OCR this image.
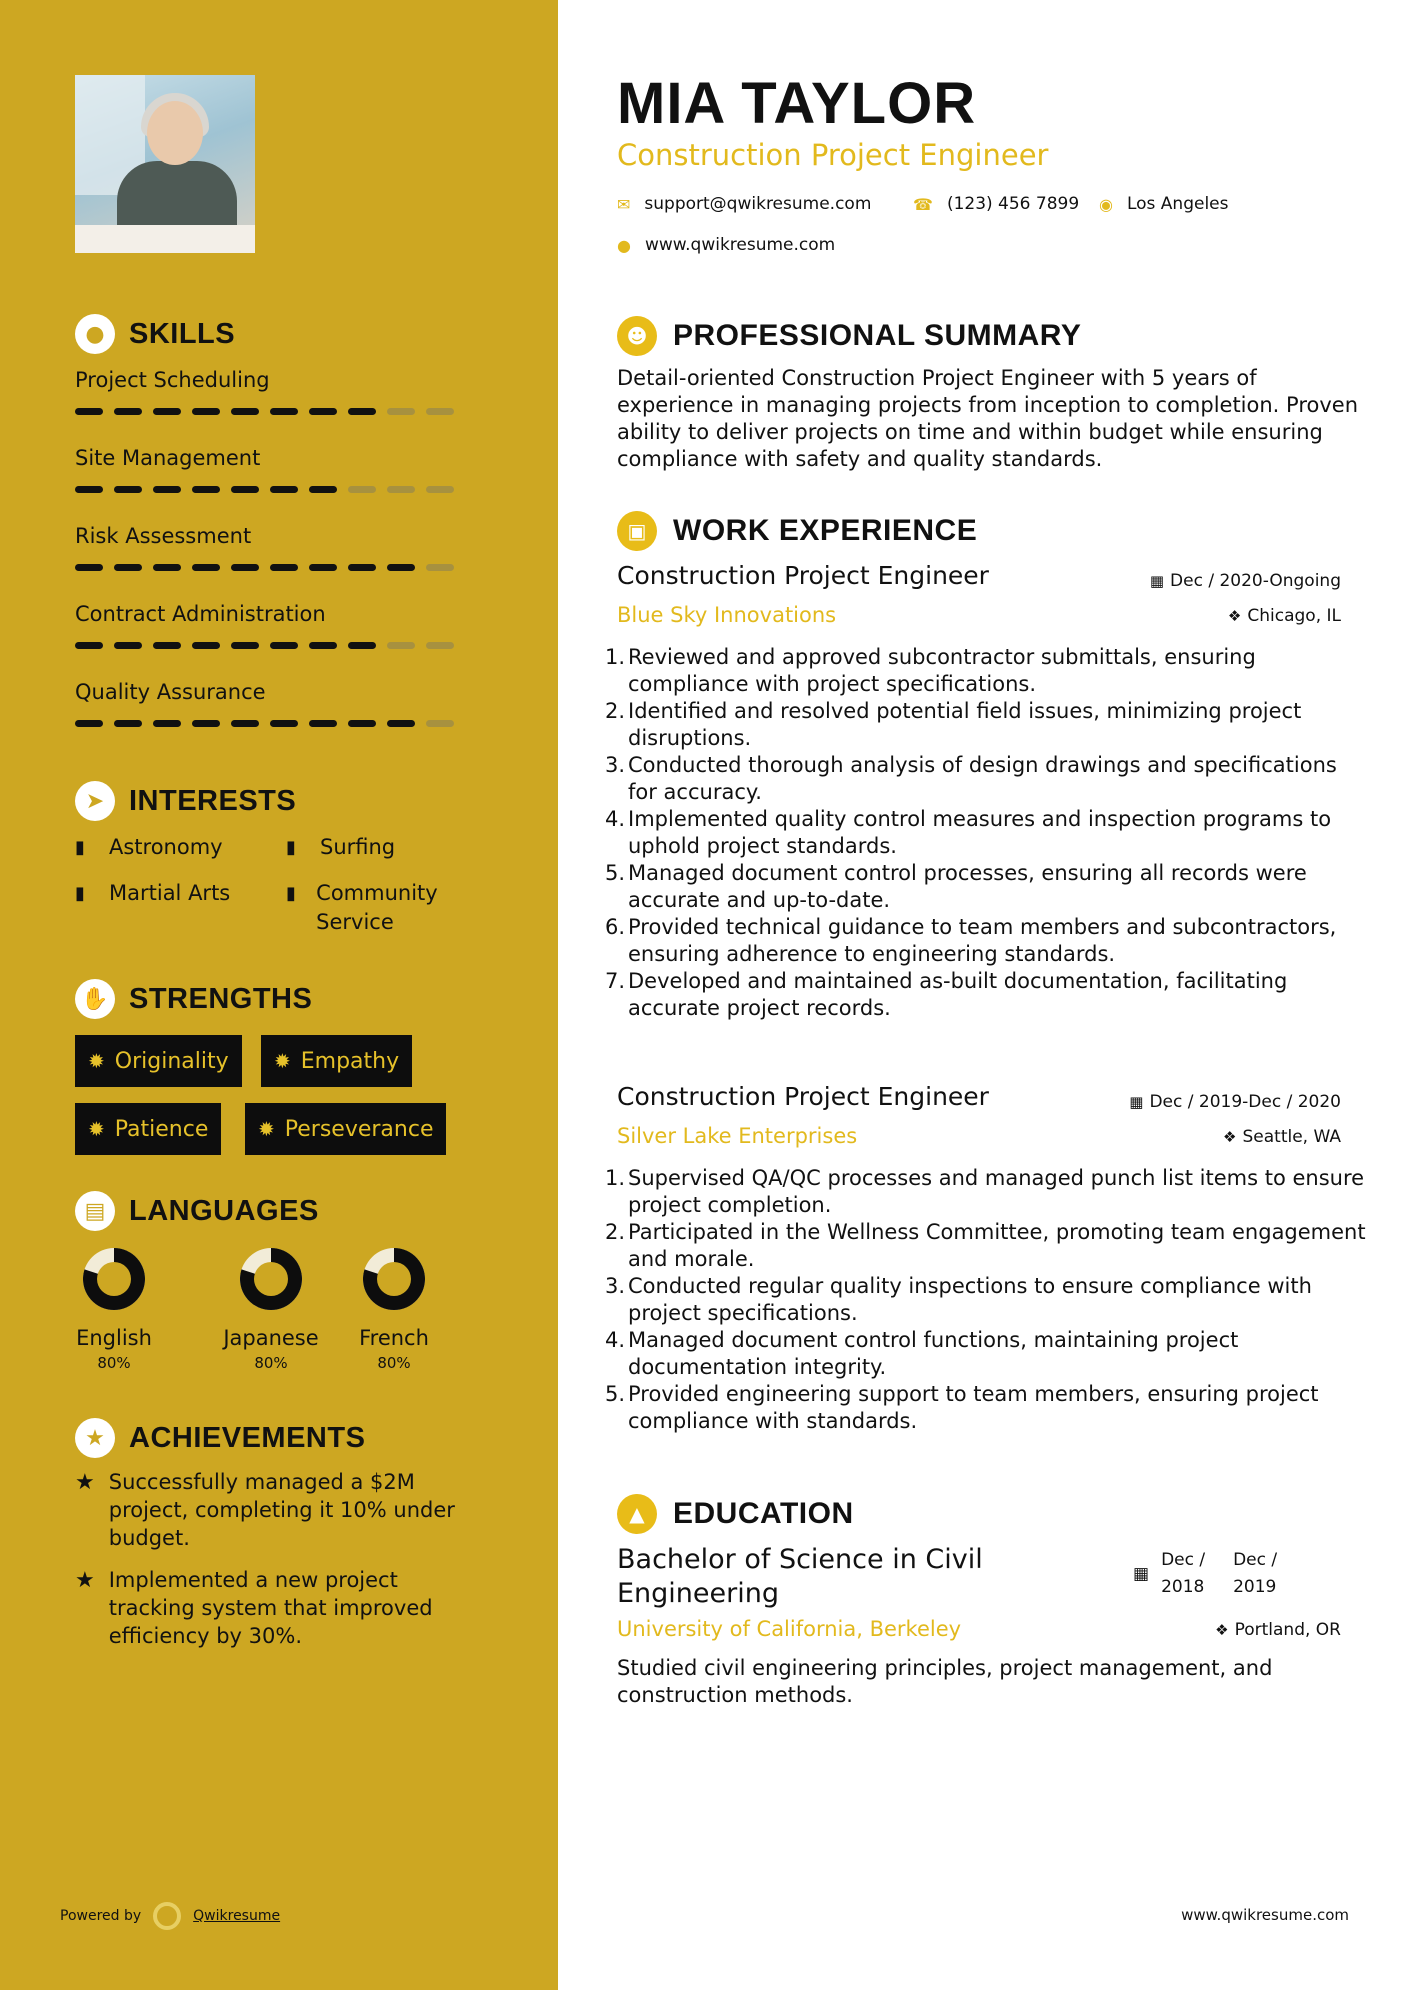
● SKILLS
Project Scheduling
Site Management
Risk Assessment
Contract Administration
Quality Assurance
➤ INTERESTS
▮	Astronomy	▮	Surfing
▮	Martial Arts	▮ Community Service
✋ STRENGTHS
✹ Originality ✹ Empathy
✹ Patience ✹ Perseverance
▤ LANGUAGES
English
80%
Japanese
80%
French
80%
★ ACHIEVEMENTS
★ Successfully managed a $2M project, completing it 10% under budget.
★ Implemented a new project tracking system that improved efficiency by 30%.
Powered by	Qwikresume
MIA TAYLOR
Construction Project Engineer
✉ support@qwikresume.com	☎ (123) 456 7899 ◉ Los Angeles
● www.qwikresume.com
☻ PROFESSIONAL SUMMARY
Detail-oriented Construction Project Engineer with 5 years of experience in managing projects from inception to completion. Proven ability to deliver projects on time and within budget while ensuring compliance with safety and quality standards.
▣ WORK EXPERIENCE
Construction Project Engineer	▦ Dec / 2020-Ongoing
Blue Sky Innovations	❖ Chicago, IL
1. Reviewed and approved subcontractor submittals, ensuring compliance with project specifications.
2. Identified and resolved potential field issues, minimizing project disruptions.
3. Conducted thorough analysis of design drawings and specifications for accuracy.
4. Implemented quality control measures and inspection programs to uphold project standards.
5. Managed document control processes, ensuring all records were accurate and up-to-date.
6. Provided technical guidance to team members and subcontractors, ensuring adherence to engineering standards.
7. Developed and maintained as-built documentation, facilitating accurate project records.
Construction Project Engineer	▦ Dec / 2019-Dec / 2020
Silver Lake Enterprises	❖ Seattle, WA
1. Supervised QA/QC processes and managed punch list items to ensure project completion.
2. Participated in the Wellness Committee, promoting team engagement and morale.
3. Conducted regular quality inspections to ensure compliance with project specifications.
4. Managed document control functions, maintaining project documentation integrity.
5. Provided engineering support to team members, ensuring project compliance with standards.
▲ EDUCATION
Bachelor of Science in Civil Engineering
▦
Dec / 2018
Dec / 2019
University of California, Berkeley	❖ Portland, OR
Studied civil engineering principles, project management, and construction methods.
www.qwikresume.com
